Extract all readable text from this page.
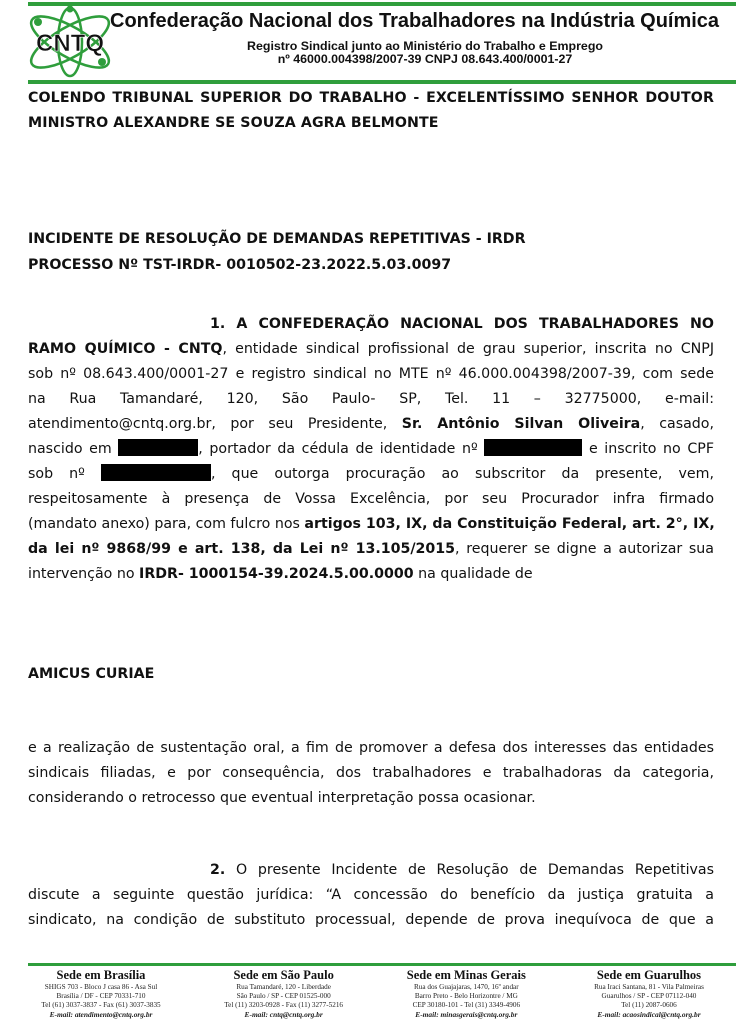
CNTQ
Confederação Nacional dos Trabalhadores na Indústria Química
Registro Sindical junto ao Ministério do Trabalho e Emprego
nº 46000.004398/2007-39 CNPJ 08.643.400/0001-27
COLENDO TRIBUNAL SUPERIOR DO TRABALHO - EXCELENTÍSSIMO SENHOR DOUTOR
MINISTRO ALEXANDRE SE SOUZA AGRA BELMONTE
INCIDENTE DE RESOLUÇÃO DE DEMANDAS REPETITIVAS - IRDR
PROCESSO Nº TST-IRDR- 0010502-23.2022.5.03.0097
1. A CONFEDERAÇÃO NACIONAL DOS TRABALHADORES NO
RAMO QUÍMICO - CNTQ, entidade sindical profissional de grau superior, inscrita no CNPJ
sob nº 08.643.400/0001-27 e registro sindical no MTE nº 46.000.004398/2007-39, com sede
na Rua Tamandaré, 120, São Paulo- SP, Tel. 11 – 32775000, e-mail:
atendimento@cntq.org.br, por seu Presidente, Sr. Antônio Silvan Oliveira, casado,
nascido em	, portador da cédula de identidade nº	e inscrito no CPF
sob nº	, que outorga procuração ao subscritor da presente, vem,
respeitosamente à presença de Vossa Excelência, por seu Procurador infra firmado
(mandato anexo) para, com fulcro nos artigos 103, IX, da Constituição Federal, art. 2°, IX,
da lei nº 9868/99 e art. 138, da Lei nº 13.105/2015, requerer se digne a autorizar sua
intervenção no IRDR- 1000154-39.2024.5.00.0000 na qualidade de
AMICUS CURIAE
e a realização de sustentação oral, a fim de promover a defesa dos interesses das entidades
sindicais filiadas, e por consequência, dos trabalhadores e trabalhadoras da categoria,
considerando o retrocesso que eventual interpretação possa ocasionar.
2. O presente Incidente de Resolução de Demandas Repetitivas
discute a seguinte questão jurídica: “A concessão do benefício da justiça gratuita a
sindicato, na condição de substituto processual, depende de prova inequívoca de que a
Sede em Brasília
SHIGS 703 - Bloco J casa 86 - Asa Sul
Brasília / DF - CEP 70331-710
Tel (61) 3037-3837 - Fax (61) 3037-3835
E-mail: atendimento@cntq.org.br
Sede em São Paulo
Rua Tamandaré, 120 - Liberdade
São Paulo / SP - CEP 01525-000
Tel (11) 3203-0928 - Fax (11) 3277-5216
E-mail: cntq@cntq.org.br
Sede em Minas Gerais
Rua dos Guajajaras, 1470, 16º andar
Barro Preto - Belo Horizontre / MG
CEP 30180-101 - Tel (31) 3349-4906
E-mail: minasgerais@cntq.org.br
Sede em Guarulhos
Rua Iraci Santana, 81 - Vila Palmeiras
Guarulhos / SP - CEP 07112-040
Tel (11) 2087-0606
E-mail: acaosindical@cntq.org.br
